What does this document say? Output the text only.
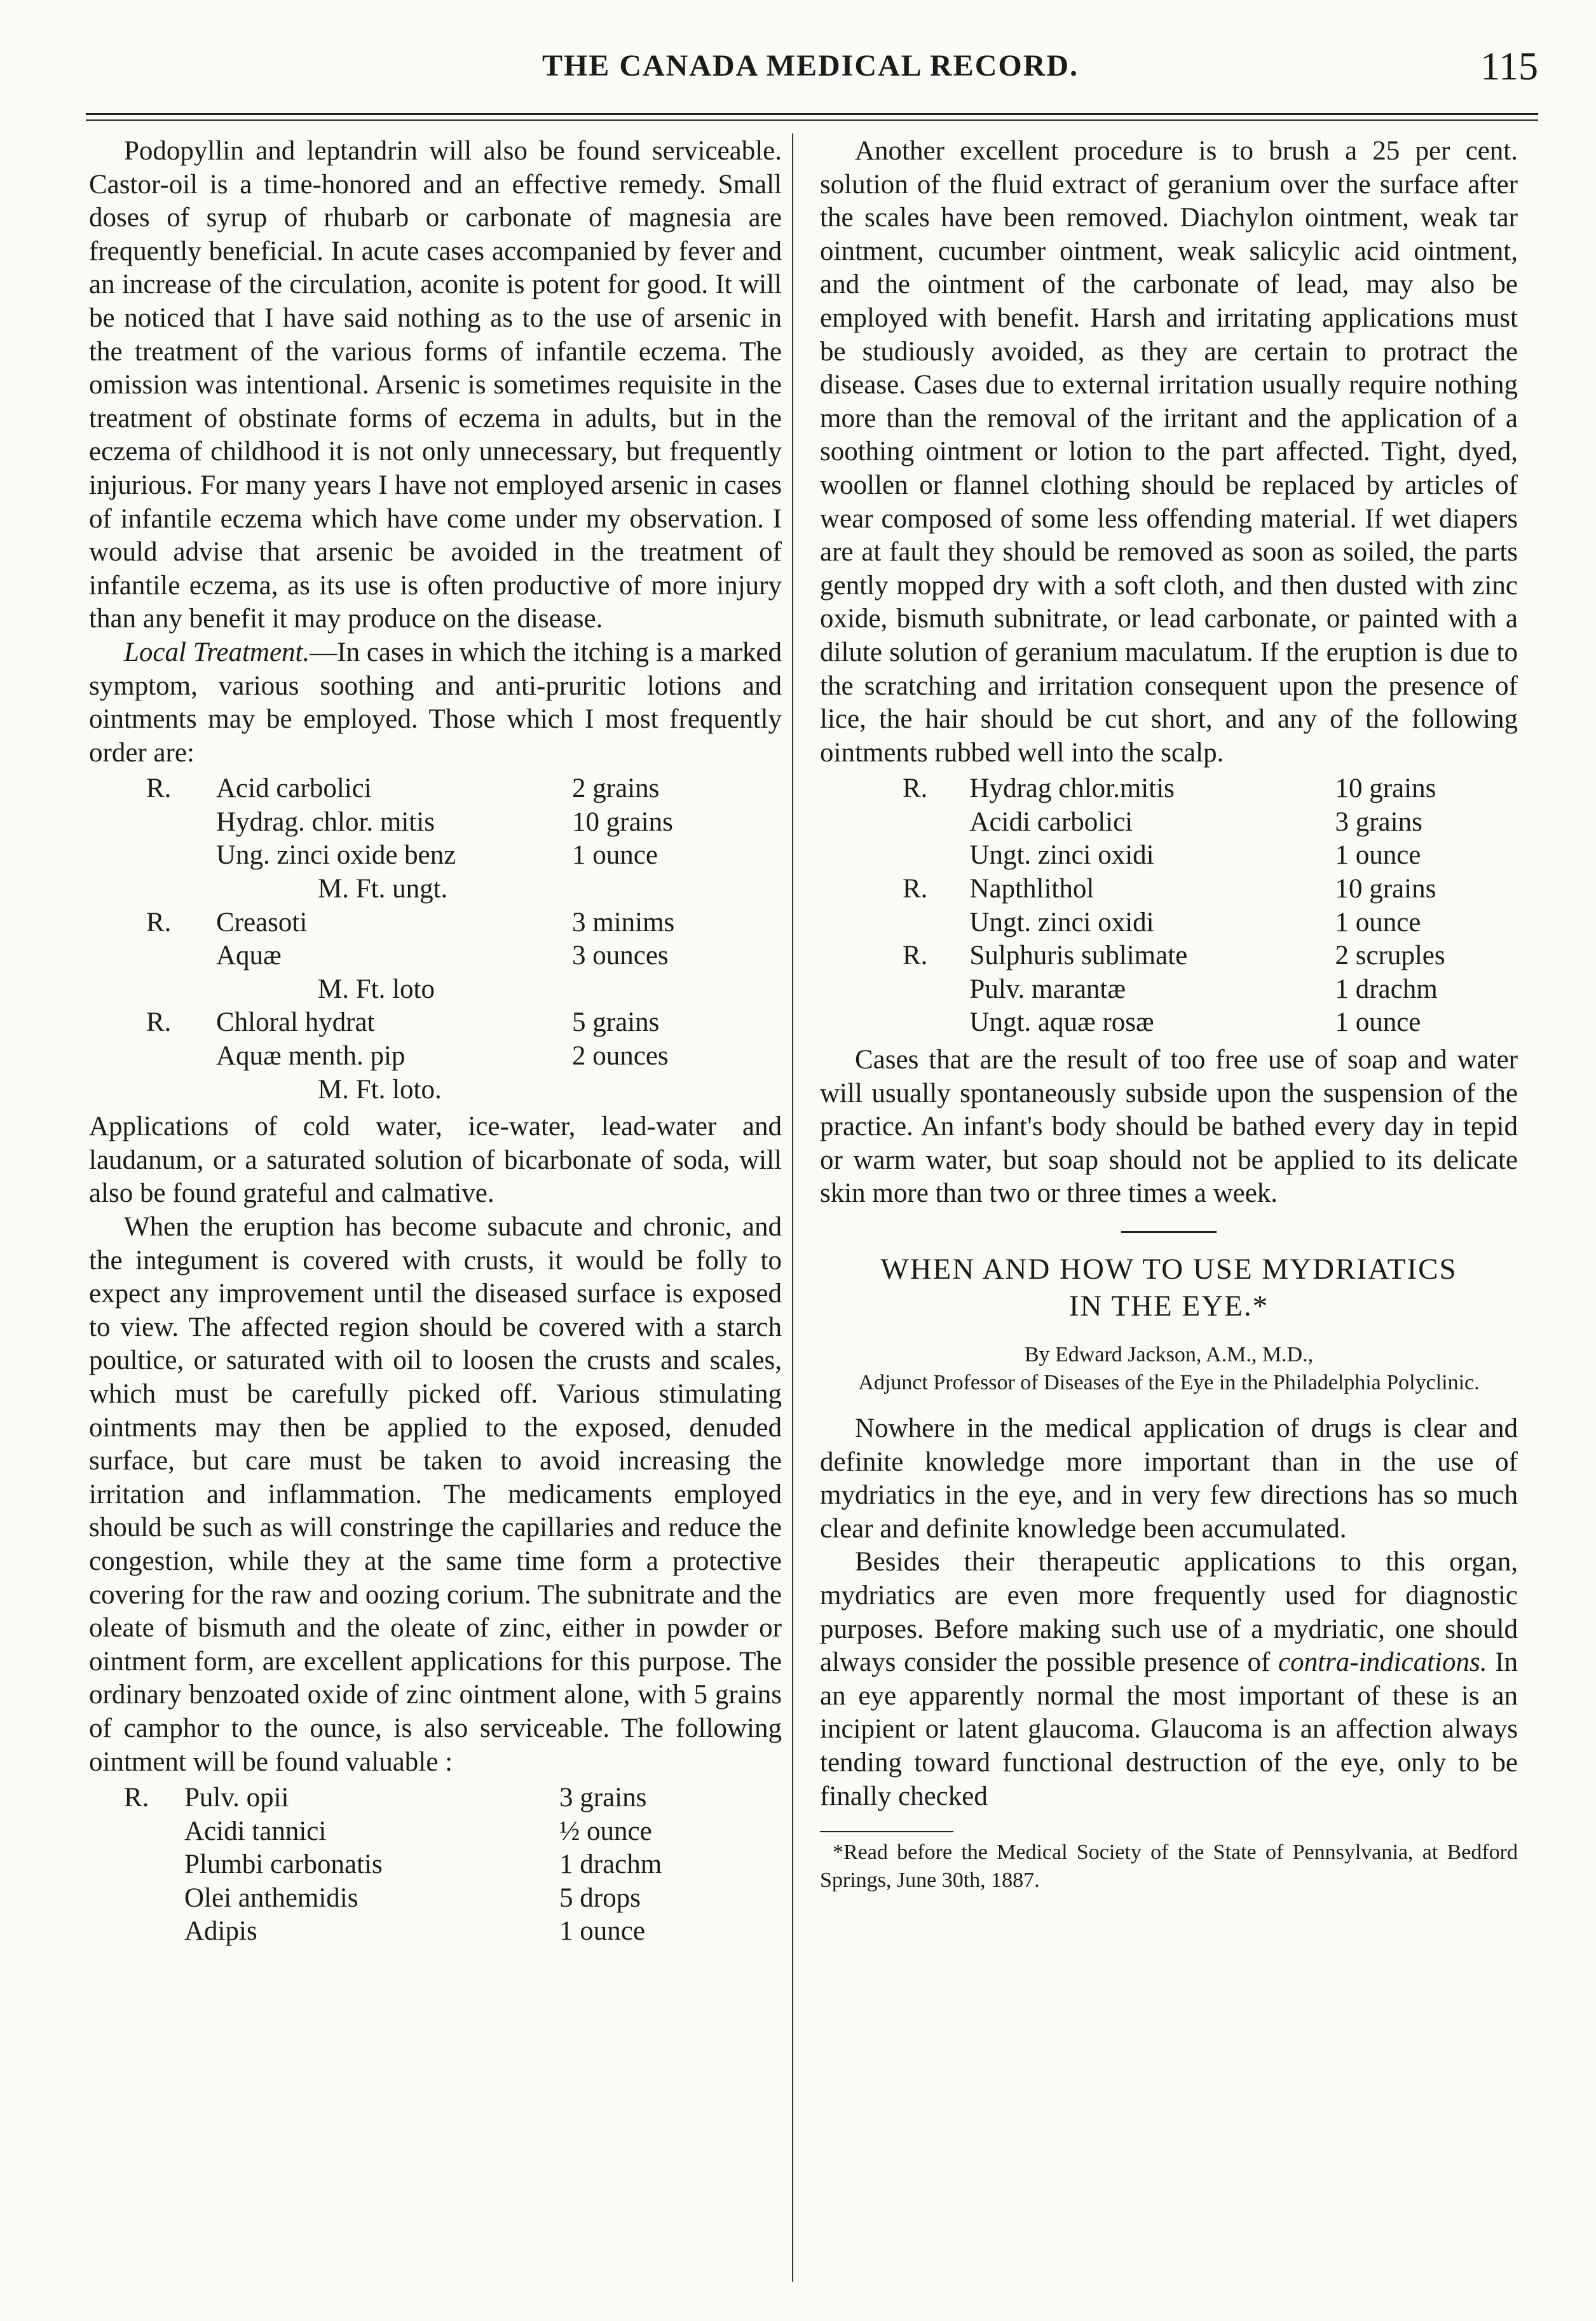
THE CANADA MEDICAL RECORD.	115

Podopyllin and leptandrin will also be found serviceable. Castor-oil is a time-honored and an effective remedy. Small doses of syrup of rhubarb or carbonate of magnesia are frequently beneficial. In acute cases accompanied by fever and an increase of the circulation, aconite is potent for good. It will be noticed that I have said nothing as to the use of arsenic in the treatment of the various forms of infantile eczema. The omission was intentional. Arsenic is sometimes requisite in the treatment of obstinate forms of eczema in adults, but in the eczema of childhood it is not only unnecessary, but frequently injurious. For many years I have not employed arsenic in cases of infantile eczema which have come under my observation. I would advise that arsenic be avoided in the treatment of infantile eczema, as its use is often productive of more injury than any benefit it may produce on the disease.

Local Treatment.—In cases in which the itching is a marked symptom, various soothing and anti-pruritic lotions and ointments may be employed. Those which I most frequently order are:

R.	Acid carbolici	2 grains
Hydrag. chlor. mitis	10 grains
Ung. zinci oxide benz	1 ounce
M. Ft. ungt.
R.	Creasoti	3 minims
Aquæ	3 ounces
M. Ft. loto
R.	Chloral hydrat	5 grains
Aquæ menth. pip	2 ounces
M. Ft. loto.

Applications of cold water, ice-water, lead-water and laudanum, or a saturated solution of bicarbonate of soda, will also be found grateful and calmative.

When the eruption has become subacute and chronic, and the integument is covered with crusts, it would be folly to expect any improvement until the diseased surface is exposed to view. The affected region should be covered with a starch poultice, or saturated with oil to loosen the crusts and scales, which must be carefully picked off. Various stimulating ointments may then be applied to the exposed, denuded surface, but care must be taken to avoid increasing the irritation and inflammation. The medicaments employed should be such as will constringe the capillaries and reduce the congestion, while they at the same time form a protective covering for the raw and oozing corium. The subnitrate and the oleate of bismuth and the oleate of zinc, either in powder or ointment form, are excellent applications for this purpose. The ordinary benzoated oxide of zinc ointment alone, with 5 grains of camphor to the ounce, is also serviceable. The following ointment will be found valuable :

R.	Pulv. opii	3 grains
Acidi tannici	½ ounce
Plumbi carbonatis	1 drachm
Olei anthemidis	5 drops
Adipis	1 ounce

Another excellent procedure is to brush a 25 per cent. solution of the fluid extract of geranium over the surface after the scales have been removed. Diachylon ointment, weak tar ointment, cucumber ointment, weak salicylic acid ointment, and the ointment of the carbonate of lead, may also be employed with benefit. Harsh and irritating applications must be studiously avoided, as they are certain to protract the disease. Cases due to external irritation usually require nothing more than the removal of the irritant and the application of a soothing ointment or lotion to the part affected. Tight, dyed, woollen or flannel clothing should be replaced by articles of wear composed of some less offending material. If wet diapers are at fault they should be removed as soon as soiled, the parts gently mopped dry with a soft cloth, and then dusted with zinc oxide, bismuth subnitrate, or lead carbonate, or painted with a dilute solution of geranium maculatum. If the eruption is due to the scratching and irritation consequent upon the presence of lice, the hair should be cut short, and any of the following ointments rubbed well into the scalp.

R.	Hydrag chlor.mitis	10 grains
Acidi carbolici	3 grains
Ungt. zinci oxidi	1 ounce
R.	Napthlithol	10 grains
Ungt. zinci oxidi	1 ounce
R.	Sulphuris sublimate	2 scruples
Pulv. marantæ	1 drachm
Ungt. aquæ rosæ	1 ounce

Cases that are the result of too free use of soap and water will usually spontaneously subside upon the suspension of the practice. An infant's body should be bathed every day in tepid or warm water, but soap should not be applied to its delicate skin more than two or three times a week.

WHEN AND HOW TO USE MYDRIATICS
IN THE EYE.*
By Edward Jackson, A.M., M.D.,
Adjunct Professor of Diseases of the Eye in the Philadelphia Polyclinic.

Nowhere in the medical application of drugs is clear and definite knowledge more important than in the use of mydriatics in the eye, and in very few directions has so much clear and definite knowledge been accumulated.

Besides their therapeutic applications to this organ, mydriatics are even more frequently used for diagnostic purposes. Before making such use of a mydriatic, one should always consider the possible presence of contra-indications. In an eye apparently normal the most important of these is an incipient or latent glaucoma. Glaucoma is an affection always tending toward functional destruction of the eye, only to be finally checked

*Read before the Medical Society of the State of Pennsylvania, at Bedford Springs, June 30th, 1887.
